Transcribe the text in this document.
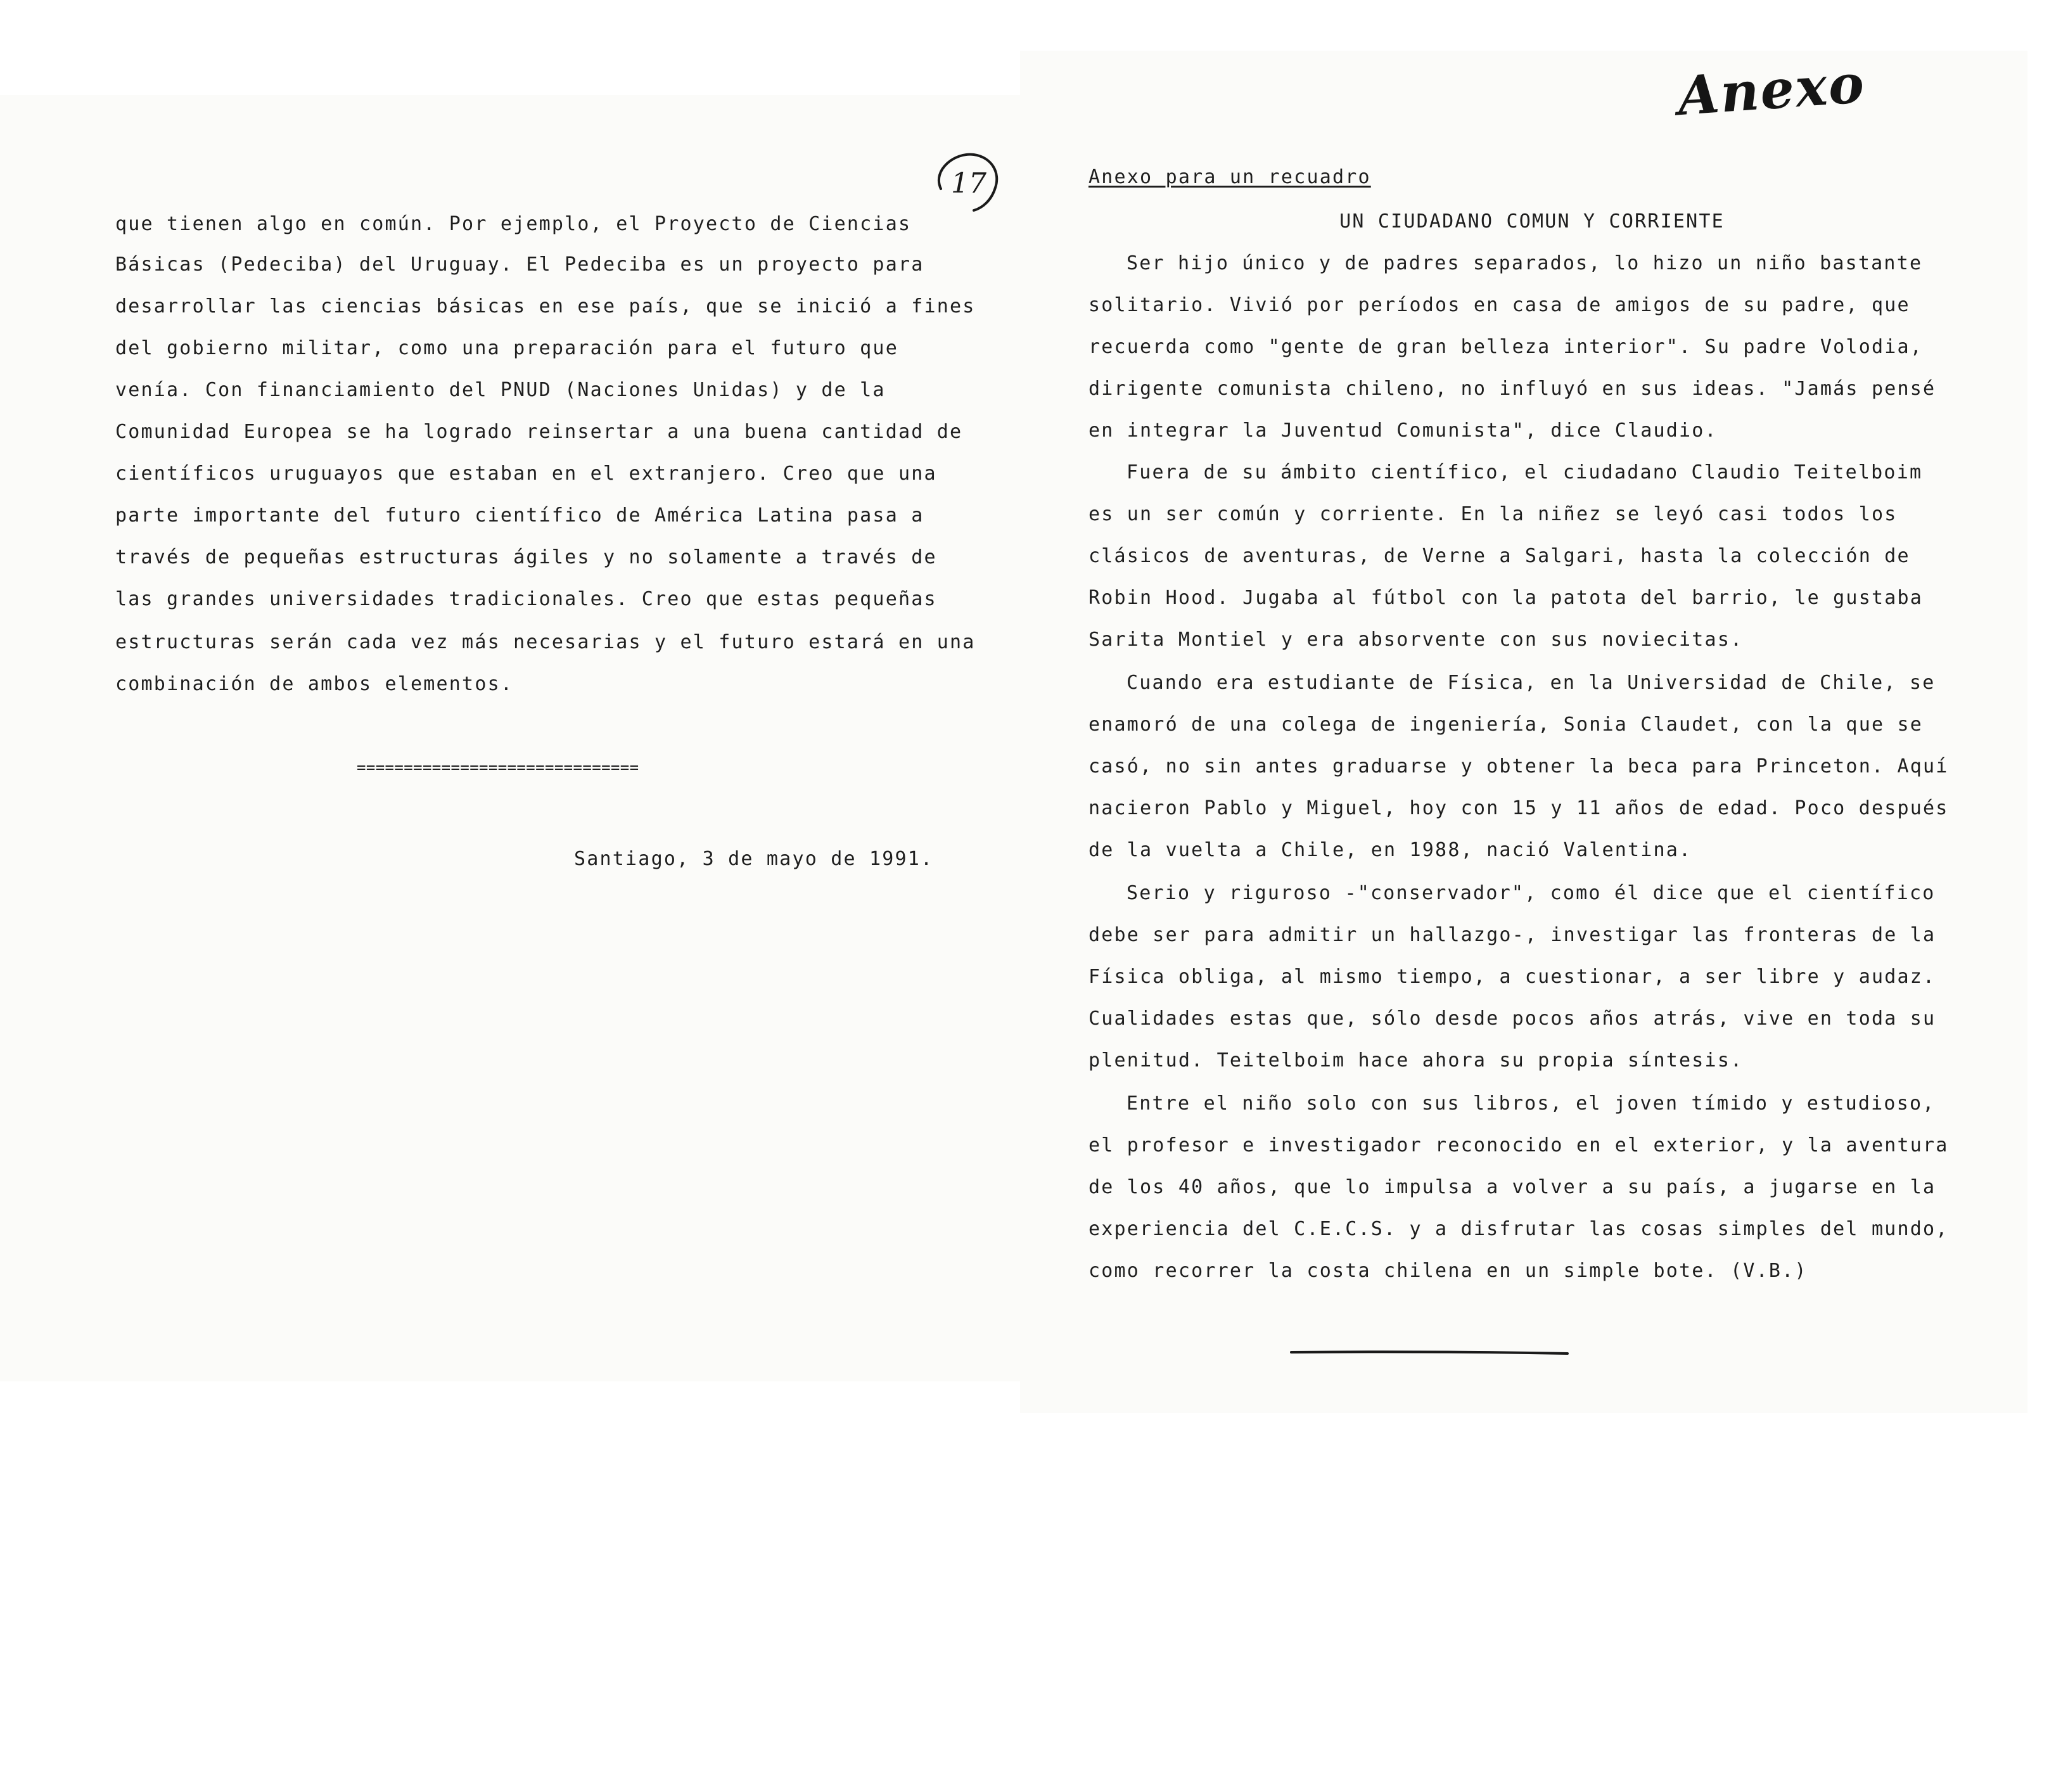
17
que tienen algo en común. Por ejemplo, el Proyecto de Ciencias
Básicas (Pedeciba) del Uruguay. El Pedeciba es un proyecto para
desarrollar las ciencias básicas en ese país, que se inició a fines
del gobierno militar, como una preparación para el futuro que
venía. Con financiamiento del PNUD (Naciones Unidas) y de la
Comunidad Europea se ha logrado reinsertar a una buena cantidad de
científicos uruguayos que estaban en el extranjero. Creo que una
parte importante del futuro científico de América Latina pasa a
través de pequeñas estructuras ágiles y no solamente a través de
las grandes universidades tradicionales. Creo que estas pequeñas
estructuras serán cada vez más necesarias y el futuro estará en una
combinación de ambos elementos.
==============================
Santiago, 3 de mayo de 1991.
Anexo
Anexo para un recuadro
UN CIUDADANO COMUN Y CORRIENTE
Ser hijo único y de padres separados, lo hizo un niño bastante
solitario. Vivió por períodos en casa de amigos de su padre, que
recuerda como "gente de gran belleza interior". Su padre Volodia,
dirigente comunista chileno, no influyó en sus ideas. "Jamás pensé
en integrar la Juventud Comunista", dice Claudio.
Fuera de su ámbito científico, el ciudadano Claudio Teitelboim
es un ser común y corriente. En la niñez se leyó casi todos los
clásicos de aventuras, de Verne a Salgari, hasta la colección de
Robin Hood. Jugaba al fútbol con la patota del barrio, le gustaba
Sarita Montiel y era absorvente con sus noviecitas.
Cuando era estudiante de Física, en la Universidad de Chile, se
enamoró de una colega de ingeniería, Sonia Claudet, con la que se
casó, no sin antes graduarse y obtener la beca para Princeton. Aquí
nacieron Pablo y Miguel, hoy con 15 y 11 años de edad. Poco después
de la vuelta a Chile, en 1988, nació Valentina.
Serio y riguroso -"conservador", como él dice que el científico
debe ser para admitir un hallazgo-, investigar las fronteras de la
Física obliga, al mismo tiempo, a cuestionar, a ser libre y audaz.
Cualidades estas que, sólo desde pocos años atrás, vive en toda su
plenitud. Teitelboim hace ahora su propia síntesis.
Entre el niño solo con sus libros, el joven tímido y estudioso,
el profesor e investigador reconocido en el exterior, y la aventura
de los 40 años, que lo impulsa a volver a su país, a jugarse en la
experiencia del C.E.C.S. y a disfrutar las cosas simples del mundo,
como recorrer la costa chilena en un simple bote. (V.B.)
